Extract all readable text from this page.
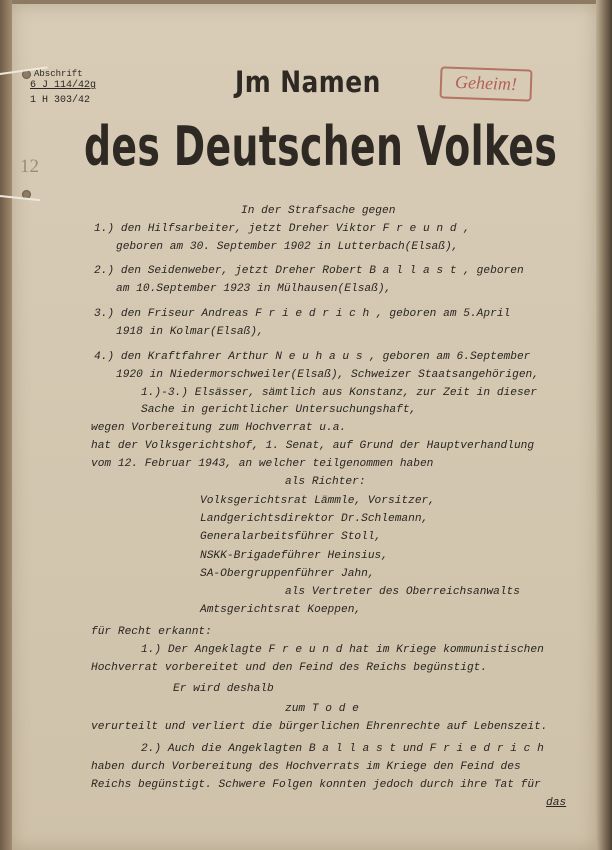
Abschrift
6 J 114/42g
1 H 303/42
12
Jm Namen
des Deutschen Volkes
Geheim!
In der Strafsache gegen
1.) den Hilfsarbeiter, jetzt Dreher Viktor F r e u n d ,
geboren am 30. September 1902 in Lutterbach(Elsaß),
2.) den Seidenweber, jetzt Dreher Robert B a l l a s t , geboren
am 10.September 1923 in Mülhausen(Elsaß),
3.) den Friseur Andreas F r i e d r i c h , geboren am 5.April
1918 in Kolmar(Elsaß),
4.) den Kraftfahrer Arthur N e u h a u s , geboren am 6.September
1920 in Niedermorschweiler(Elsaß), Schweizer Staatsangehörigen,
1.)-3.) Elsässer, sämtlich aus Konstanz, zur Zeit in dieser
Sache in gerichtlicher Untersuchungshaft,
wegen Vorbereitung zum Hochverrat u.a.
hat der Volksgerichtshof, 1. Senat, auf Grund der Hauptverhandlung
vom 12. Februar 1943, an welcher teilgenommen haben
als Richter:
Volksgerichtsrat Lämmle, Vorsitzer,
Landgerichtsdirektor Dr.Schlemann,
Generalarbeitsführer Stoll,
NSKK-Brigadeführer Heinsius,
SA-Obergruppenführer Jahn,
als Vertreter des Oberreichsanwalts
Amtsgerichtsrat Koeppen,
für Recht erkannt:
1.) Der Angeklagte F r e u n d hat im Kriege kommunistischen
Hochverrat vorbereitet und den Feind des Reichs begünstigt.
Er wird deshalb
zum T o d e
verurteilt und verliert die bürgerlichen Ehrenrechte auf Lebenszeit.
2.) Auch die Angeklagten B a l l a s t und F r i e d r i c h
haben durch Vorbereitung des Hochverrats im Kriege den Feind des
Reichs begünstigt. Schwere Folgen konnten jedoch durch ihre Tat für
das
